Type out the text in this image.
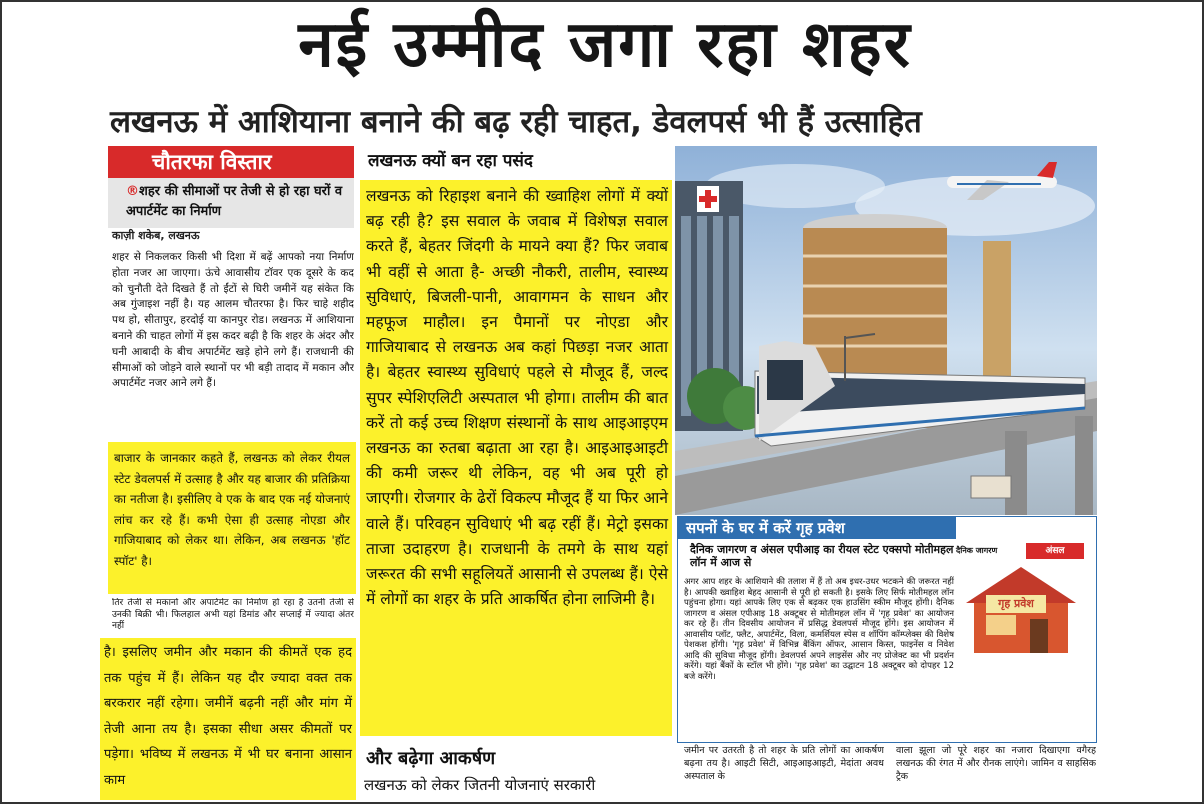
नई उम्मीद जगा रहा शहर
लखनऊ में आशियाना बनाने की बढ़ रही चाहत, डेवलपर्स भी हैं उत्साहित
चौतरफा विस्तार
®शहर की सीमाओं पर तेजी से हो रहा घरों व अपार्टमेंट का निर्माण
काज़ी शकेब, लखनऊ

शहर से निकलकर किसी भी दिशा में बढ़ें आपको नया निर्माण होता नजर आ जाएगा। ऊंचे आवासीय टॉवर एक दूसरे के कद को चुनौती देते दिखते हैं तो ईंटों से घिरी जमीनें यह संकेत कि अब गुंजाइश नहीं है। यह आलम चौतरफा है। फिर चाहे शहीद पथ हो, सीतापुर, हरदोई या कानपुर रोड। लखनऊ में आशियाना बनाने की चाहत लोगों में इस कदर बढ़ी है कि शहर के अंदर और घनी आबादी के बीच अपार्टमेंट खड़े होने लगे हैं। राजधानी की सीमाओं को जोड़ने वाले स्थानों पर भी बड़ी तादाद में मकान और अपार्टमेंट नजर आने लगे हैं।

बाजार के जानकार कहते हैं, लखनऊ को लेकर रीयल स्टेट डेवलपर्स में उत्साह है और यह बाजार की प्रतिक्रिया का नतीजा है। इसीलिए वे एक के बाद एक नई योजनाएं लांच कर रहे हैं। कभी ऐसा ही उत्साह नोएडा और गाजियाबाद को लेकर था। लेकिन, अब लखनऊ 'हॉट स्पॉट' है।

तिर तेजी से मकानों और अपार्टमेंट का निर्माण हो रहा है उतनी तेजी से उनकी बिक्री भी। फिलहाल अभी यहां डिमांड और सप्लाई में ज्यादा अंतर नहीं

है। इसलिए जमीन और मकान की कीमतें एक हद तक पहुंच में हैं। लेकिन यह दौर ज्यादा वक्त तक बरकरार नहीं रहेगा। जमीनें बढ़नी नहीं और मांग में तेजी आना तय है। इसका सीधा असर कीमतों पर पड़ेगा। भविष्य में लखनऊ में भी घर बनाना आसान काम

लखनऊ क्यों बन रहा पसंद

लखनऊ को रिहाइश बनाने की ख्वाहिश लोगों में क्यों बढ़ रही है? इस सवाल के जवाब में विशेषज्ञ सवाल करते हैं, बेहतर जिंदगी के मायने क्या हैं? फिर जवाब भी वहीं से आता है- अच्छी नौकरी, तालीम, स्वास्थ्य सुविधाएं, बिजली-पानी, आवागमन के साधन और महफूज माहौल। इन पैमानों पर नोएडा और गाजियाबाद से लखनऊ अब कहां पिछड़ा नजर आता है। बेहतर स्वास्थ्य सुविधाएं पहले से मौजूद हैं, जल्द सुपर स्पेशिएलिटी अस्पताल भी होगा। तालीम की बात करें तो कई उच्च शिक्षण संस्थानों के साथ आइआइएम लखनऊ का रुतबा बढ़ाता आ रहा है। आइआइआइटी की कमी जरूर थी लेकिन, वह भी अब पूरी हो जाएगी। रोजगार के ढेरों विकल्प मौजूद हैं या फिर आने वाले हैं। परिवहन सुविधाएं भी बढ़ रहीं हैं। मेट्रो इसका ताजा उदाहरण है। राजधानी के तमगे के साथ यहां जरूरत की सभी सहूलियतें आसानी से उपलब्ध हैं। ऐसे में लोगों का शहर के प्रति आकर्षित होना लाजिमी है।

और बढ़ेगा आकर्षण

लखनऊ को लेकर जितनी योजनाएं सरकारी

सपनों के घर में करें गृह प्रवेश
दैनिक जागरण व अंसल एपीआइ का रीयल स्टेट एक्सपो मोतीमहल लॉन में आज से
दैनिक जागरण	अंसल
गृह प्रवेश

अगर आप शहर के आशियाने की तलाश में हैं तो अब इधर-उधर भटकने की जरूरत नहीं है। आपकी ख्वाहिश बेहद आसानी से पूरी हो सकती है। इसके लिए सिर्फ मोतीमहल लॉन पहुंचना होगा। यहां आपके लिए एक से बढ़कर एक हाउसिंग स्कीम मौजूद होंगी। दैनिक जागरण व अंसल एपीआइ 18 अक्टूबर से मोतीमहल लॉन में 'गृह प्रवेश' का आयोजन कर रहे हैं। तीन दिवसीय आयोजन में प्रसिद्ध डेवलपर्स मौजूद होंगे। इस आयोजन में आवासीय प्लॉट, फ्लैट, अपार्टमेंट, विला, कमर्शियल स्पेस व शॉपिंग कॉम्प्लेक्स की विशेष पेशकश होंगी। 'गृह प्रवेश' में विभिन्न बैंकिंग ऑफर, आसान किस्त, फाइनेंस व निवेश आदि की सुविधा मौजूद होंगी। डेवलपर्स अपने लाइसेंस और नए प्रोजेक्ट का भी प्रदर्शन करेंगे। यहां बैंकों के स्टॉल भी होंगे। 'गृह प्रवेश' का उद्घाटन 18 अक्टूबर को दोपहर 12 बजे करेंगे।

जमीन पर उतरती है तो शहर के प्रति लोगों का आकर्षण बढ़ना तय है। आइटी सिटी, आइआइआइटी, मेदांता अवध अस्पताल के
वाला झूला जो पूरे शहर का नजारा दिखाएगा वगैरह लखनऊ की रंगत में और रौनक लाएंगे। जामिन व साहसिक ट्रैक
